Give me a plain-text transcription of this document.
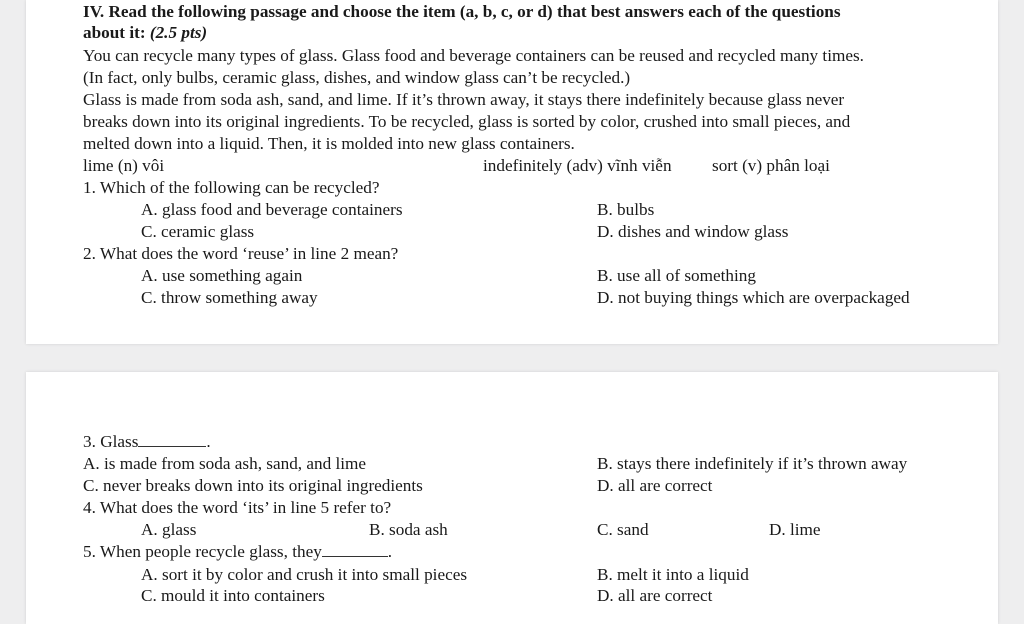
IV. Read the following passage and choose the item (a, b, c, or d) that best answers each of the questions
about it: (2.5 pts)
You can recycle many types of glass. Glass food and beverage containers can be reused and recycled many times.
(In fact, only bulbs, ceramic glass, dishes, and window glass can’t be recycled.)
Glass is made from soda ash, sand, and lime. If it’s thrown away, it stays there indefinitely because glass never
breaks down into its original ingredients. To be recycled, glass is sorted by color, crushed into small pieces, and
melted down into a liquid. Then, it is molded into new glass containers.
lime (n) vôi	indefinitely (adv) vĩnh viễn sort (v) phân loại
1. Which of the following can be recycled?
A. glass food and beverage containers	B. bulbs
C. ceramic glass	D. dishes and window glass
2. What does the word ‘reuse’ in line 2 mean?
A. use something again	B. use all of something
C. throw something away	D. not buying things which are overpackaged
3. Glass	.
A. is made from soda ash, sand, and lime	B. stays there indefinitely if it’s thrown away
C. never breaks down into its original ingredients	D. all are correct
4. What does the word ‘its’ in line 5 refer to?
A. glass	B. soda ash	C. sand	D. lime
5. When people recycle glass, they	.
A. sort it by color and crush it into small pieces	B. melt it into a liquid
C. mould it into containers	D. all are correct
